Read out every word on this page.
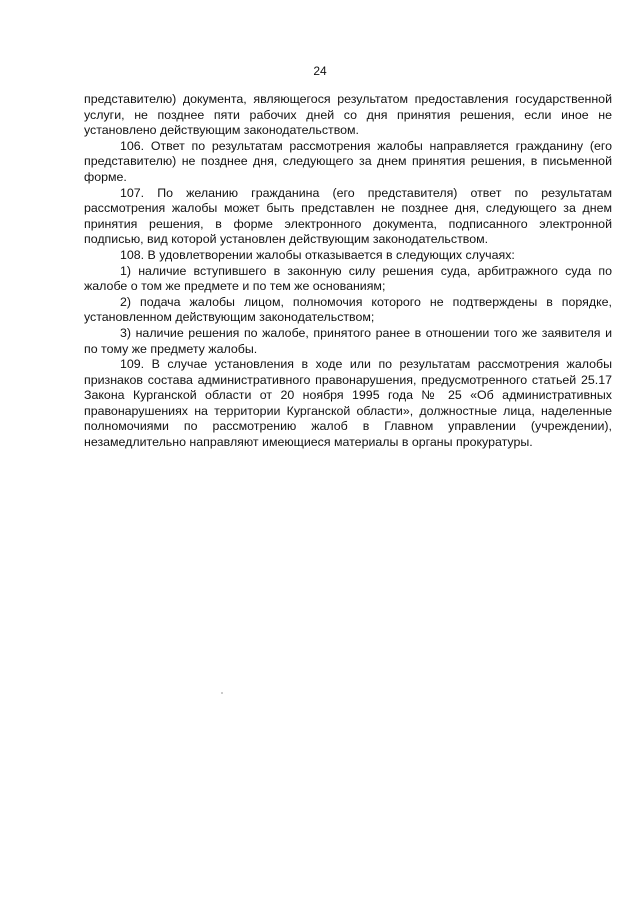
24

представителю) документа, являющегося результатом предоставления государственной услуги, не позднее пяти рабочих дней со дня принятия решения, если иное не установлено действующим законодательством.

106. Ответ по результатам рассмотрения жалобы направляется гражданину (его представителю) не позднее дня, следующего за днем принятия решения, в письменной форме.

107. По желанию гражданина (его представителя) ответ по результатам рассмотрения жалобы может быть представлен не позднее дня, следующего за днем принятия решения, в форме электронного документа, подписанного электронной подписью, вид которой установлен действующим законодательством.

108. В удовлетворении жалобы отказывается в следующих случаях:

1) наличие вступившего в законную силу решения суда, арбитражного суда по жалобе о том же предмете и по тем же основаниям;

2) подача жалобы лицом, полномочия которого не подтверждены в порядке, установленном действующим законодательством;

3) наличие решения по жалобе, принятого ранее в отношении того же заявителя и по тому же предмету жалобы.

109. В случае установления в ходе или по результатам рассмотрения жалобы признаков состава административного правонарушения, предусмотренного статьей 25.17 Закона Курганской области от 20 ноября 1995 года № 25 «Об административных правонарушениях на территории Курганской области», должностные лица, наделенные полномочиями по рассмотрению жалоб в Главном управлении (учреждении), незамедлительно направляют имеющиеся материалы в органы прокуратуры.
